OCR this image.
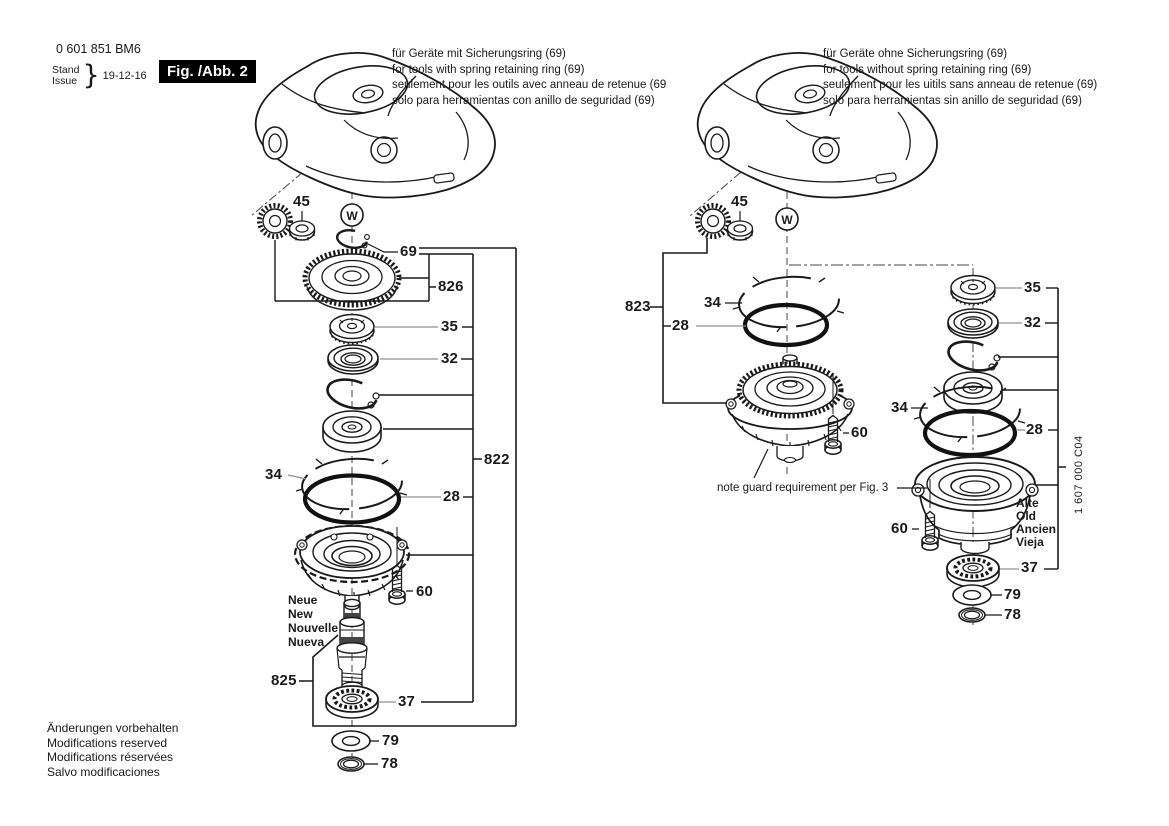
W	W
0 601 851 BM6
Stand
Issue } 19-12-16	Fig. /Abb. 2
für Geräte mit Sicherungsring (69)
for tools with spring retaining ring (69)
seulement pour les outils avec anneau de retenue (69
solo para herramientas con anillo de seguridad (69)
für Geräte ohne Sicherungsring (69)
for tools without spring retaining ring (69)
seulement pour les uitils sans anneau de retenue (69)
solo para herramientas sin anillo de seguridad (69)
45
69
826
35
32
822
34
28
60
825
37
79
78
45
823	34
28
60
34
35
32
28
60
37
79
78
Neue
New
Nouvelle
Nueva
Alte
Old
Ancien
Vieja
note guard requirement per Fig. 3	1 607 000 C04
Änderungen vorbehalten
Modifications reserved
Modifications réservées
Salvo modificaciones
